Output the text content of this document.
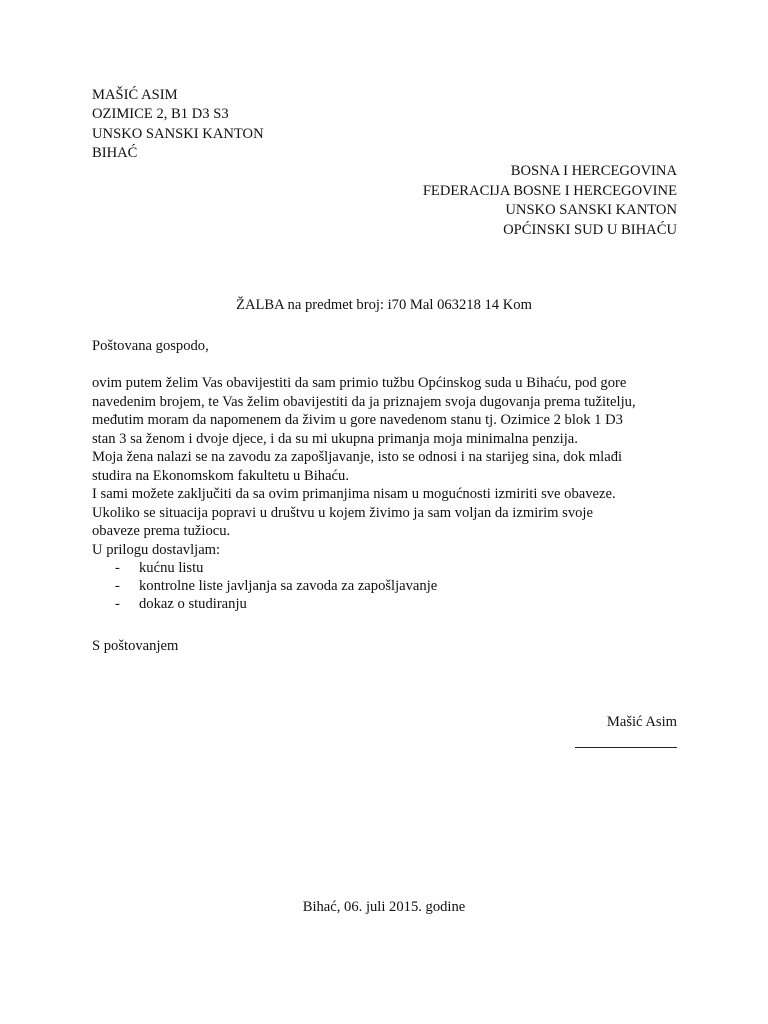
MAŠIĆ ASIM
OZIMICE 2, B1 D3 S3
UNSKO SANSKI KANTON
BIHAĆ
BOSNA I HERCEGOVINA
FEDERACIJA BOSNE I HERCEGOVINE
UNSKO SANSKI KANTON
OPĆINSKI SUD U BIHAĆU
ŽALBA na predmet broj: i70 Mal 063218 14 Kom
Poštovana gospodo,
ovim putem želim Vas obavijestiti da sam primio tužbu Općinskog suda u Bihaću, pod gore
navedenim brojem, te Vas želim obavijestiti da ja priznajem svoja dugovanja prema tužitelju,
međutim moram da napomenem da živim u gore navedenom stanu tj. Ozimice 2 blok 1 D3
stan 3 sa ženom i dvoje djece, i da su mi ukupna primanja moja minimalna penzija.
Moja žena nalazi se na zavodu za zapošljavanje, isto se odnosi i na starijeg sina, dok mlađi
studira na Ekonomskom fakultetu u Bihaću.
I sami možete zaključiti da sa ovim primanjima nisam u mogućnosti izmiriti sve obaveze.
Ukoliko se situacija popravi u društvu u kojem živimo ja sam voljan da izmirim svoje
obaveze prema tužiocu.
U prilogu dostavljam:
- kućnu listu
- kontrolne liste javljanja sa zavoda za zapošljavanje
- dokaz o studiranju
S poštovanjem
Mašić Asim
Bihać, 06. juli 2015. godine
